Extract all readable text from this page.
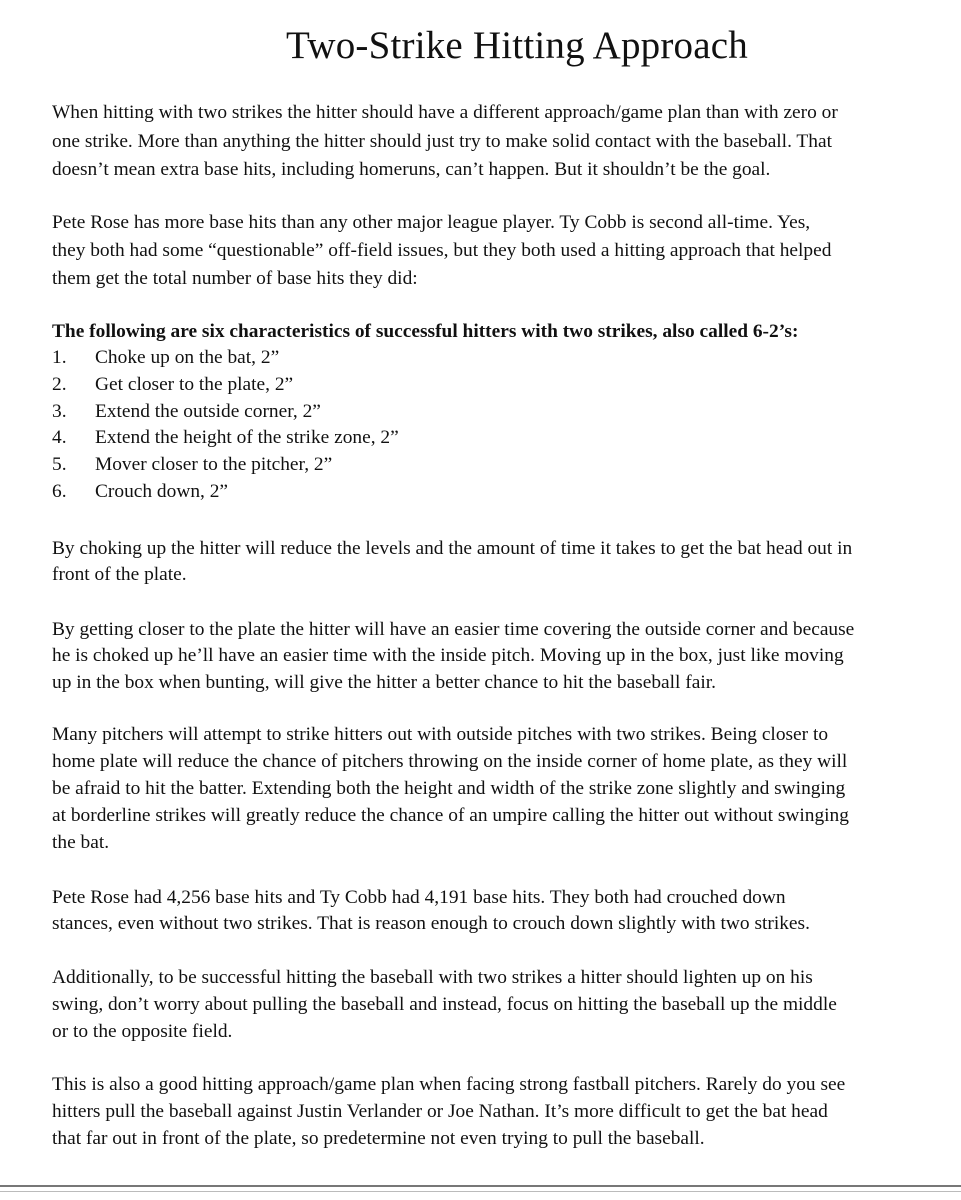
Two-Strike Hitting Approach
When hitting with two strikes the hitter should have a different approach/game plan than with zero or
one strike. More than anything the hitter should just try to make solid contact with the baseball. That
doesn’t mean extra base hits, including homeruns, can’t happen. But it shouldn’t be the goal.
Pete Rose has more base hits than any other major league player. Ty Cobb is second all-time. Yes,
they both had some “questionable” off-field issues, but they both used a hitting approach that helped
them get the total number of base hits they did:
The following are six characteristics of successful hitters with two strikes, also called 6-2’s:
1. Choke up on the bat, 2”
2. Get closer to the plate, 2”
3. Extend the outside corner, 2”
4. Extend the height of the strike zone, 2”
5. Mover closer to the pitcher, 2”
6. Crouch down, 2”
By choking up the hitter will reduce the levels and the amount of time it takes to get the bat head out in
front of the plate.
By getting closer to the plate the hitter will have an easier time covering the outside corner and because
he is choked up he’ll have an easier time with the inside pitch. Moving up in the box, just like moving
up in the box when bunting, will give the hitter a better chance to hit the baseball fair.
Many pitchers will attempt to strike hitters out with outside pitches with two strikes. Being closer to
home plate will reduce the chance of pitchers throwing on the inside corner of home plate, as they will
be afraid to hit the batter. Extending both the height and width of the strike zone slightly and swinging
at borderline strikes will greatly reduce the chance of an umpire calling the hitter out without swinging
the bat.
Pete Rose had 4,256 base hits and Ty Cobb had 4,191 base hits. They both had crouched down
stances, even without two strikes. That is reason enough to crouch down slightly with two strikes.
Additionally, to be successful hitting the baseball with two strikes a hitter should lighten up on his
swing, don’t worry about pulling the baseball and instead, focus on hitting the baseball up the middle
or to the opposite field.
This is also a good hitting approach/game plan when facing strong fastball pitchers. Rarely do you see
hitters pull the baseball against Justin Verlander or Joe Nathan. It’s more difficult to get the bat head
that far out in front of the plate, so predetermine not even trying to pull the baseball.
